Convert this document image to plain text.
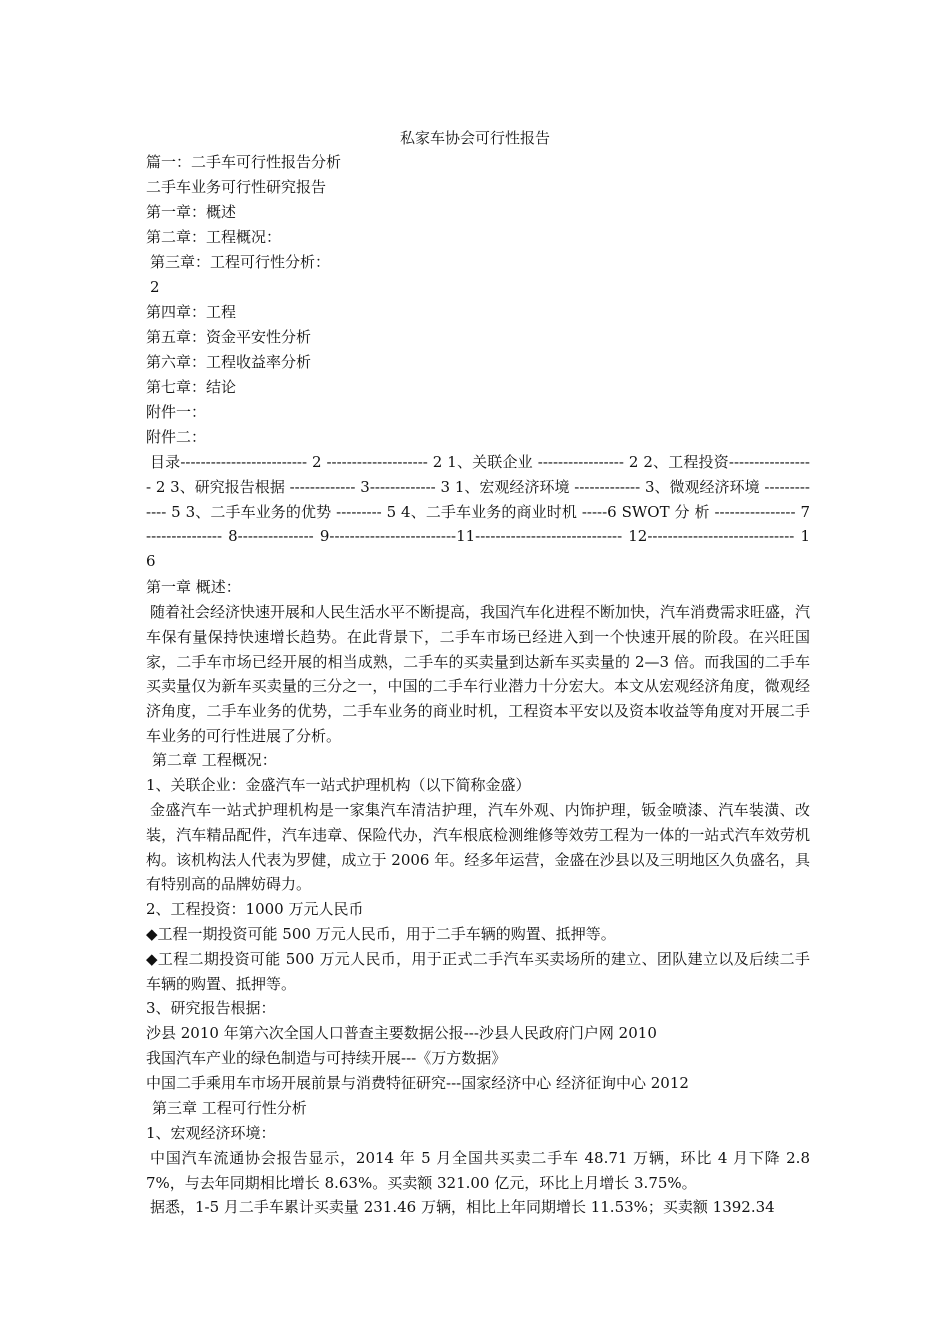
私家车协会可行性报告
篇一：二手车可行性报告分析
二手车业务可行性研究报告
第一章：概述
第二章：工程概况：
第三章：工程可行性分析：
2
第四章：工程
第五章：资金平安性分析
第六章：工程收益率分析
第七章：结论
附件一：
附件二：
目录------------------------- 2 -------------------- 2 1、关联企业 ----------------- 2 2、工程投资----------------- 2 3、研究报告根据 ------------- 3------------- 3 1、宏观经济环境 ------------- 3、微观经济环境 ------------- 5 3、二手车业务的优势 --------- 5 4、二手车业务的商业时机 -----6 SWOT 分 析 ---------------- 7--------------- 8--------------- 9-------------------------11----------------------------- 12----------------------------- 16
第一章 概述：
随着社会经济快速开展和人民生活水平不断提高，我国汽车化进程不断加快，汽车消费需求旺盛，汽车保有量保持快速增长趋势。在此背景下，二手车市场已经进入到一个快速开展的阶段。在兴旺国家，二手车市场已经开展的相当成熟，二手车的买卖量到达新车买卖量的 2—3 倍。而我国的二手车买卖量仅为新车买卖量的三分之一，中国的二手车行业潜力十分宏大。本文从宏观经济角度，微观经济角度，二手车业务的优势，二手车业务的商业时机，工程资本平安以及资本收益等角度对开展二手车业务的可行性进展了分析。
第二章 工程概况：
1、关联企业：金盛汽车一站式护理机构（以下简称金盛）
金盛汽车一站式护理机构是一家集汽车清洁护理，汽车外观、内饰护理，钣金喷漆、汽车装潢、改装，汽车精品配件，汽车违章、保险代办，汽车根底检测维修等效劳工程为一体的一站式汽车效劳机构。该机构法人代表为罗健，成立于 2006 年。经多年运营，金盛在沙县以及三明地区久负盛名，具有特别高的品牌妨碍力。
2、工程投资：1000 万元人民币
◆工程一期投资可能 500 万元人民币，用于二手车辆的购置、抵押等。
◆工程二期投资可能 500 万元人民币，用于正式二手汽车买卖场所的建立、团队建立以及后续二手车辆的购置、抵押等。
3、研究报告根据：
沙县 2010 年第六次全国人口普查主要数据公报---沙县人民政府门户网 2010
我国汽车产业的绿色制造与可持续开展---《万方数据》
中国二手乘用车市场开展前景与消费特征研究---国家经济中心 经济征询中心 2012
第三章 工程可行性分析
1、宏观经济环境：
中国汽车流通协会报告显示，2014 年 5 月全国共买卖二手车 48.71 万辆，环比 4 月下降 2.87%，与去年同期相比增长 8.63%。买卖额 321.00 亿元，环比上月增长 3.75%。
据悉，1-5 月二手车累计买卖量 231.46 万辆，相比上年同期增长 11.53%；买卖额 1392.34
